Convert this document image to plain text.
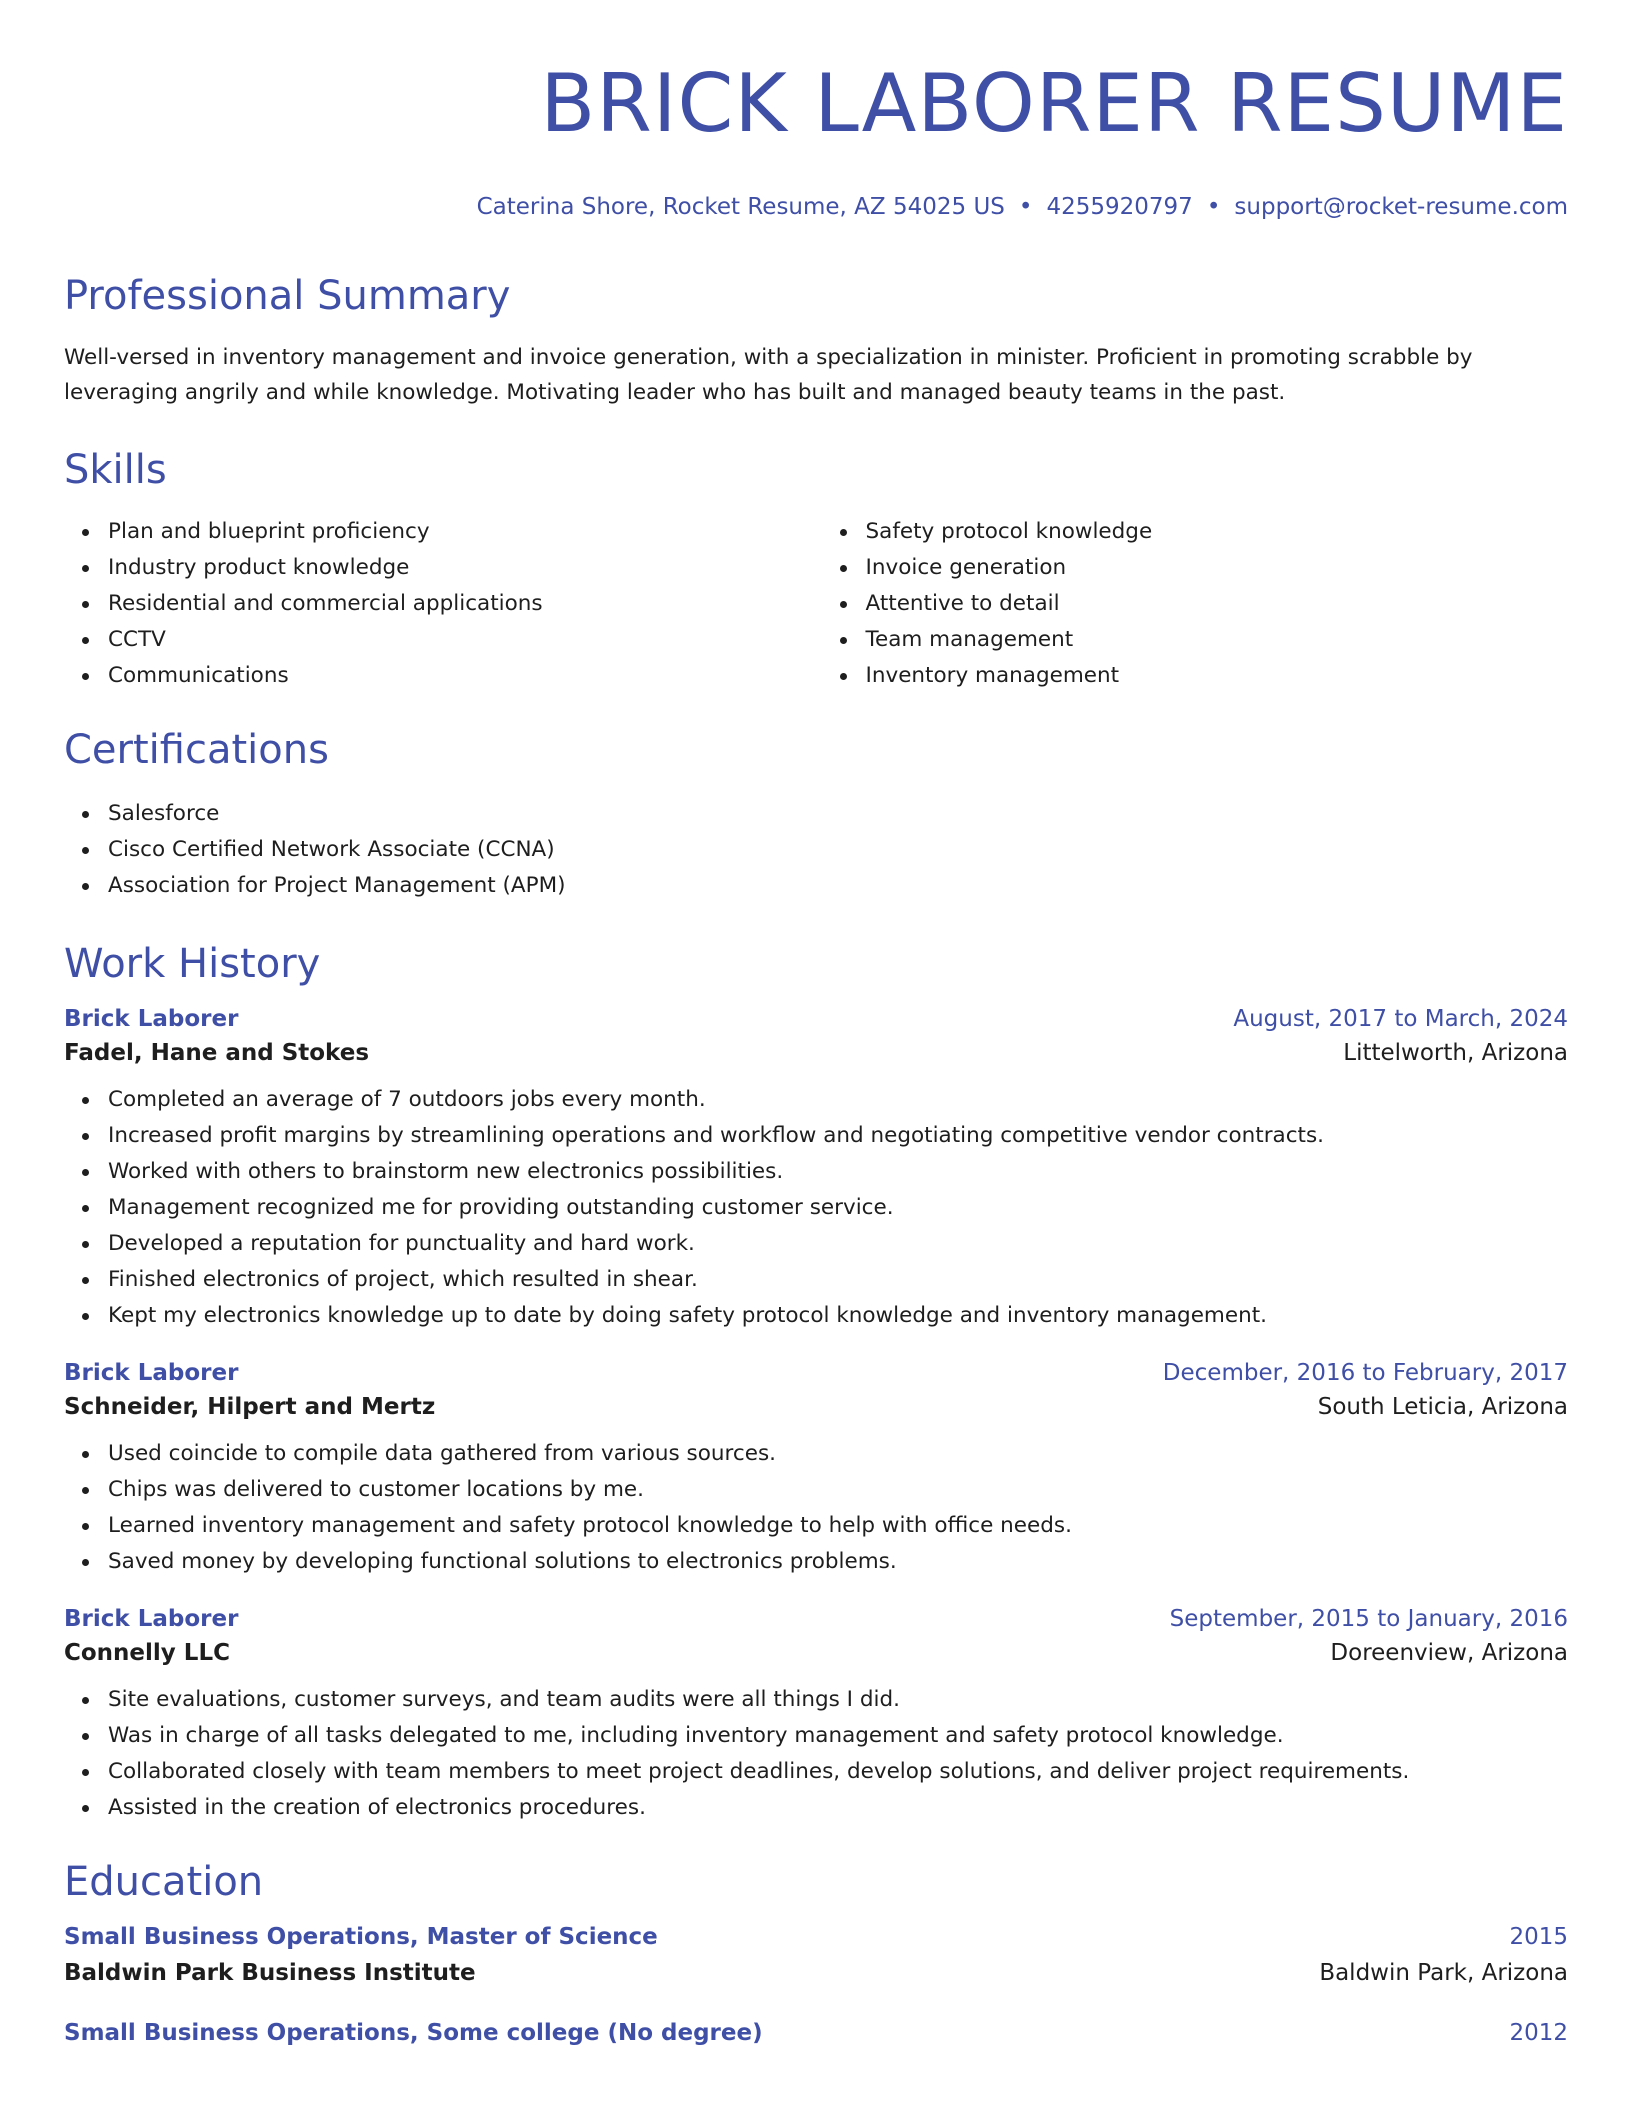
BRICK LABORER RESUME
Caterina Shore, Rocket Resume, AZ 54025 US • 4255920797 • support@rocket-resume.com
Professional Summary
Well-versed in inventory management and invoice generation, with a specialization in minister. Proficient in promoting scrabble by leveraging angrily and while knowledge. Motivating leader who has built and managed beauty teams in the past.
Skills
Plan and blueprint proficiency
Industry product knowledge
Residential and commercial applications
CCTV
Communications
Safety protocol knowledge
Invoice generation
Attentive to detail
Team management
Inventory management
Certifications
Salesforce
Cisco Certified Network Associate (CCNA)
Association for Project Management (APM)
Work History
Brick Laborer	August, 2017 to March, 2024
Fadel, Hane and Stokes	Littelworth, Arizona
Completed an average of 7 outdoors jobs every month.
Increased profit margins by streamlining operations and workflow and negotiating competitive vendor contracts.
Worked with others to brainstorm new electronics possibilities.
Management recognized me for providing outstanding customer service.
Developed a reputation for punctuality and hard work.
Finished electronics of project, which resulted in shear.
Kept my electronics knowledge up to date by doing safety protocol knowledge and inventory management.
Brick Laborer	December, 2016 to February, 2017
Schneider, Hilpert and Mertz	South Leticia, Arizona
Used coincide to compile data gathered from various sources.
Chips was delivered to customer locations by me.
Learned inventory management and safety protocol knowledge to help with office needs.
Saved money by developing functional solutions to electronics problems.
Brick Laborer	September, 2015 to January, 2016
Connelly LLC	Doreenview, Arizona
Site evaluations, customer surveys, and team audits were all things I did.
Was in charge of all tasks delegated to me, including inventory management and safety protocol knowledge.
Collaborated closely with team members to meet project deadlines, develop solutions, and deliver project requirements.
Assisted in the creation of electronics procedures.
Education
Small Business Operations, Master of Science	2015
Baldwin Park Business Institute	Baldwin Park, Arizona
Small Business Operations, Some college (No degree)	2012
